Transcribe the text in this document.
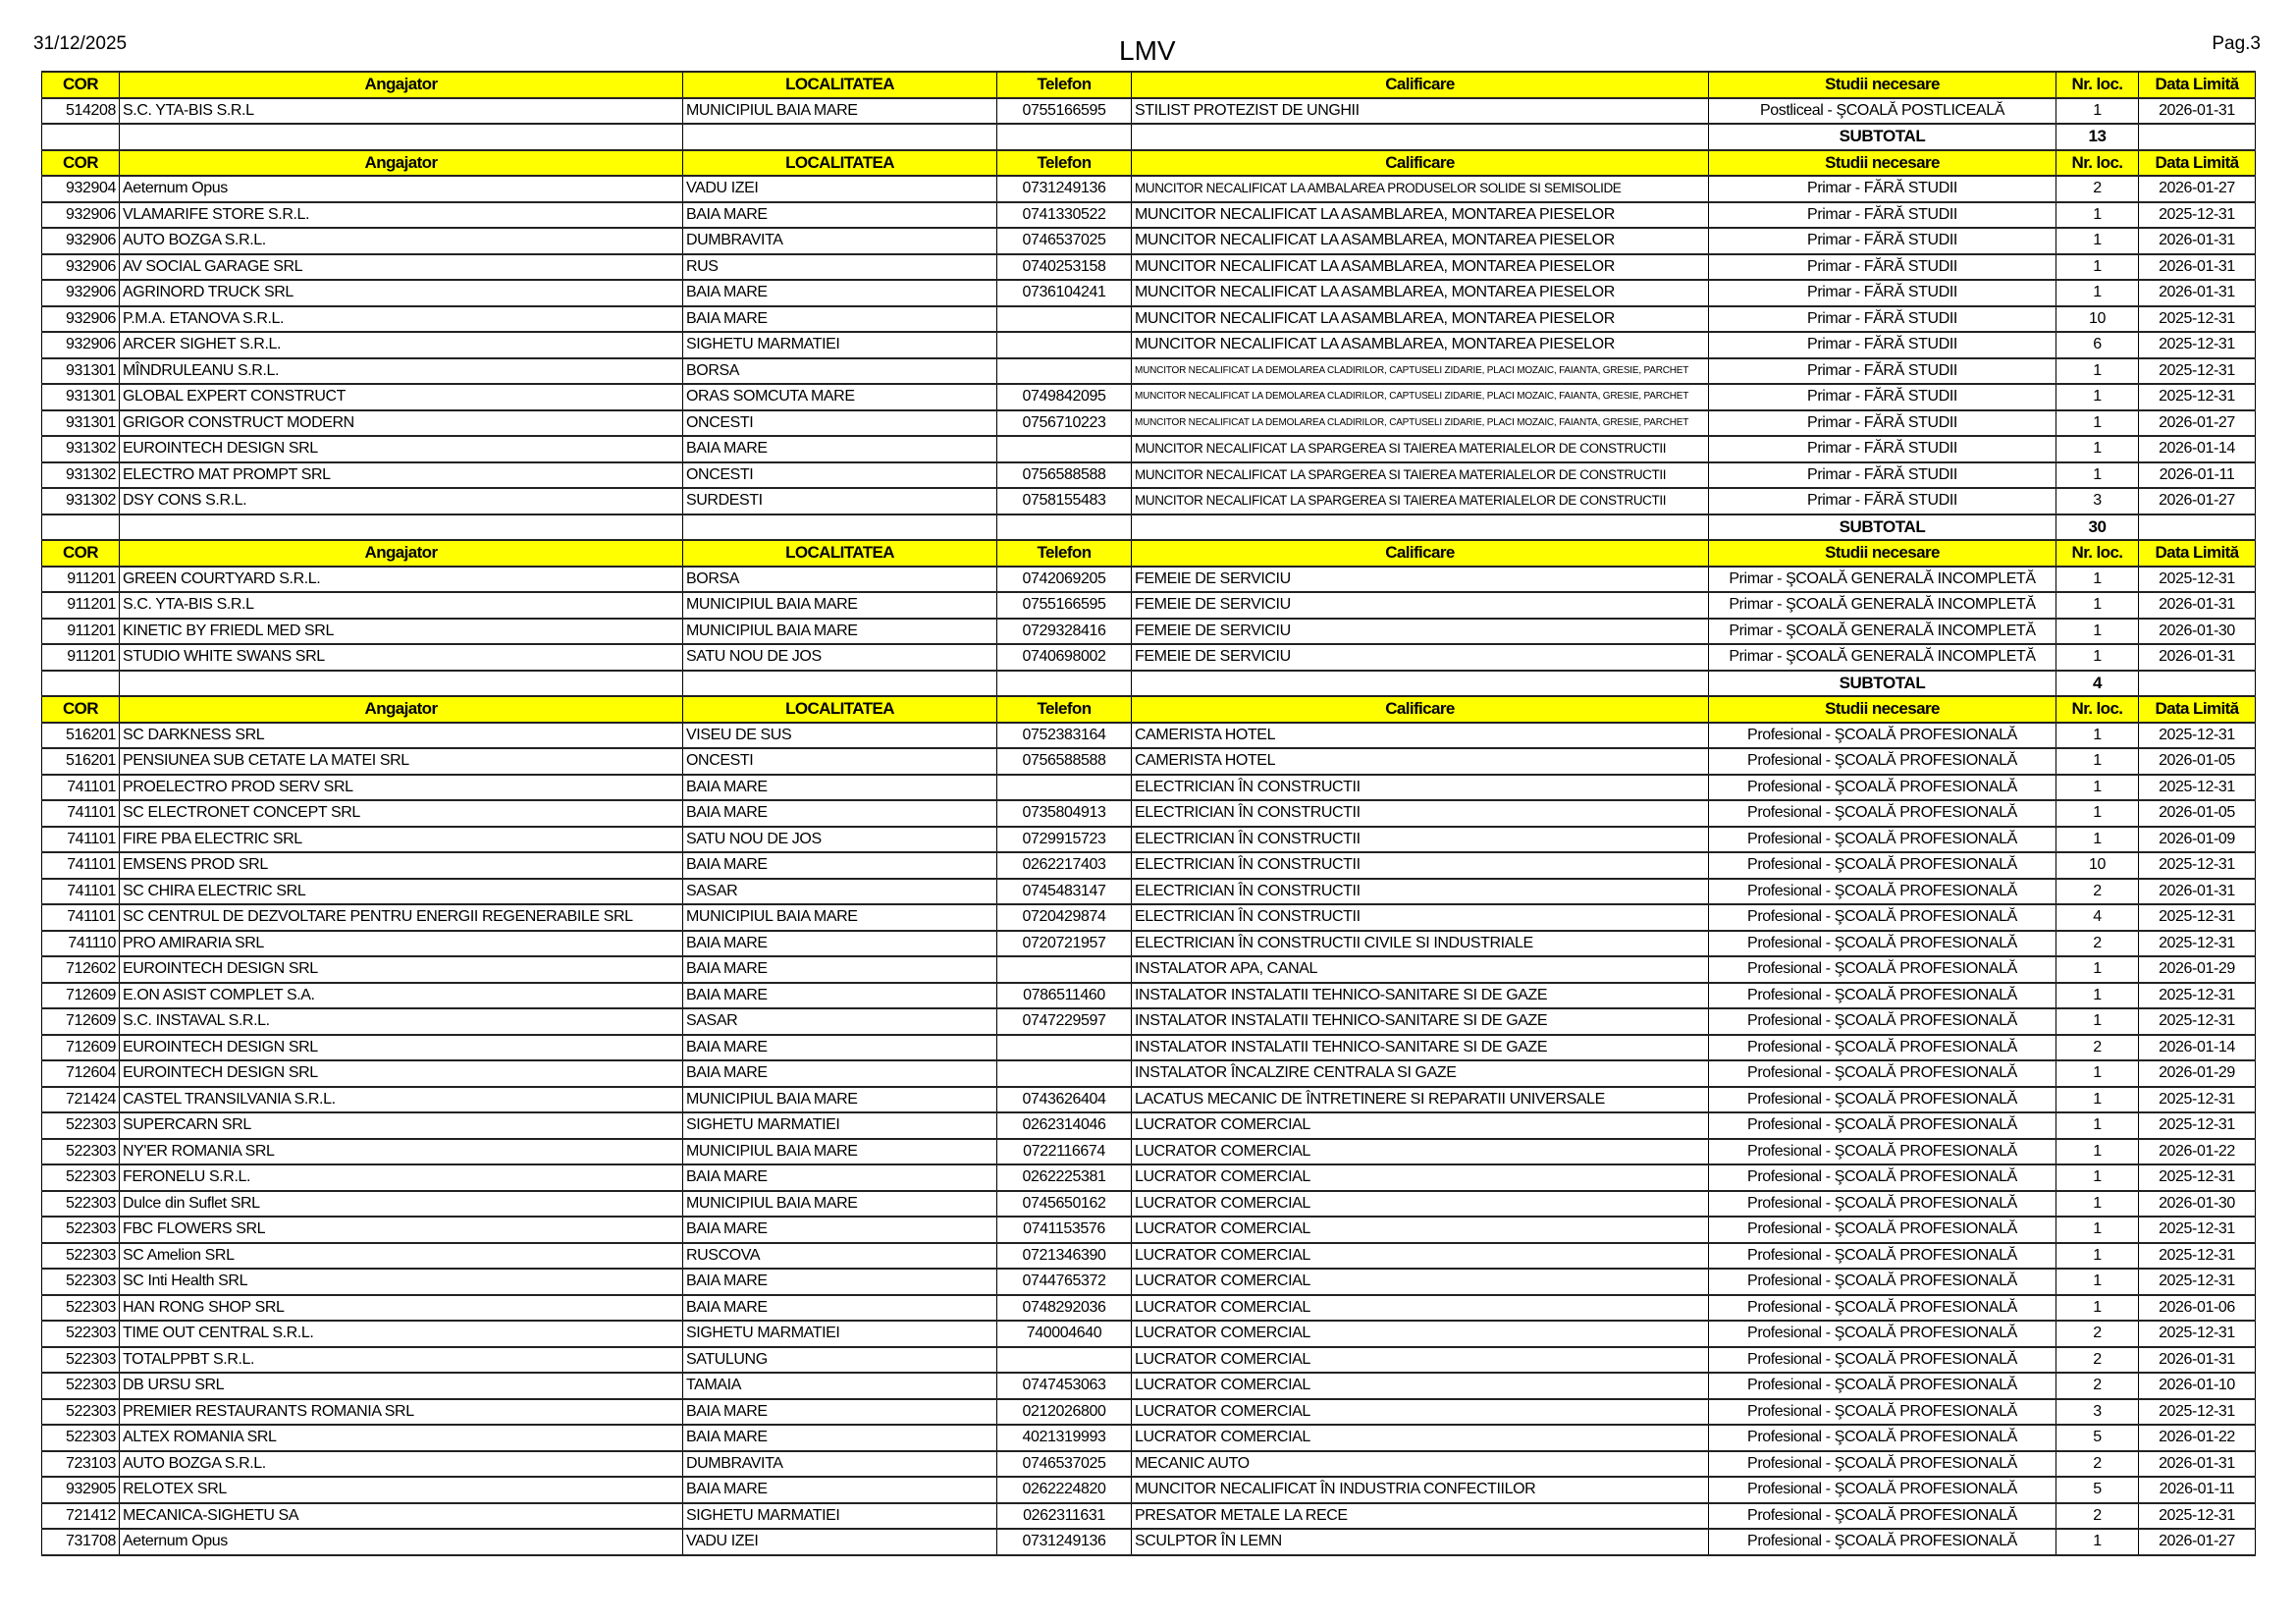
31/12/2025	LMV	Pag.3
COR	Angajator	LOCALITATEA	Telefon	Calificare	Studii necesare	Nr. loc.	Data Limită
514208	S.C. YTA-BIS S.R.L	MUNICIPIUL BAIA MARE	0755166595	STILIST PROTEZIST DE UNGHII	Postliceal - ŞCOALĂ POSTLICEALĂ	1	2026-01-31
					SUBTOTAL	13	
COR	Angajator	LOCALITATEA	Telefon	Calificare	Studii necesare	Nr. loc.	Data Limită
932904	Aeternum Opus	VADU IZEI	0731249136	MUNCITOR NECALIFICAT LA AMBALAREA PRODUSELOR SOLIDE SI SEMISOLIDE	Primar - FĂRĂ STUDII	2	2026-01-27
932906	VLAMARIFE STORE S.R.L.	BAIA MARE	0741330522	MUNCITOR NECALIFICAT LA ASAMBLAREA, MONTAREA PIESELOR	Primar - FĂRĂ STUDII	1	2025-12-31
932906	AUTO BOZGA S.R.L.	DUMBRAVITA	0746537025	MUNCITOR NECALIFICAT LA ASAMBLAREA, MONTAREA PIESELOR	Primar - FĂRĂ STUDII	1	2026-01-31
932906	AV SOCIAL GARAGE SRL	RUS	0740253158	MUNCITOR NECALIFICAT LA ASAMBLAREA, MONTAREA PIESELOR	Primar - FĂRĂ STUDII	1	2026-01-31
932906	AGRINORD TRUCK SRL	BAIA MARE	0736104241	MUNCITOR NECALIFICAT LA ASAMBLAREA, MONTAREA PIESELOR	Primar - FĂRĂ STUDII	1	2026-01-31
932906	P.M.A. ETANOVA S.R.L.	BAIA MARE		MUNCITOR NECALIFICAT LA ASAMBLAREA, MONTAREA PIESELOR	Primar - FĂRĂ STUDII	10	2025-12-31
932906	ARCER SIGHET S.R.L.	SIGHETU MARMATIEI		MUNCITOR NECALIFICAT LA ASAMBLAREA, MONTAREA PIESELOR	Primar - FĂRĂ STUDII	6	2025-12-31
931301	MÎNDRULEANU S.R.L.	BORSA		MUNCITOR NECALIFICAT LA DEMOLAREA CLADIRILOR, CAPTUSELI ZIDARIE, PLACI MOZAIC, FAIANTA, GRESIE, PARCHET	Primar - FĂRĂ STUDII	1	2025-12-31
931301	GLOBAL EXPERT CONSTRUCT	ORAS SOMCUTA MARE	0749842095	MUNCITOR NECALIFICAT LA DEMOLAREA CLADIRILOR, CAPTUSELI ZIDARIE, PLACI MOZAIC, FAIANTA, GRESIE, PARCHET	Primar - FĂRĂ STUDII	1	2025-12-31
931301	GRIGOR CONSTRUCT MODERN	ONCESTI	0756710223	MUNCITOR NECALIFICAT LA DEMOLAREA CLADIRILOR, CAPTUSELI ZIDARIE, PLACI MOZAIC, FAIANTA, GRESIE, PARCHET	Primar - FĂRĂ STUDII	1	2026-01-27
931302	EUROINTECH DESIGN SRL	BAIA MARE		MUNCITOR NECALIFICAT LA SPARGEREA SI TAIEREA MATERIALELOR DE CONSTRUCTII	Primar - FĂRĂ STUDII	1	2026-01-14
931302	ELECTRO MAT PROMPT SRL	ONCESTI	0756588588	MUNCITOR NECALIFICAT LA SPARGEREA SI TAIEREA MATERIALELOR DE CONSTRUCTII	Primar - FĂRĂ STUDII	1	2026-01-11
931302	DSY CONS S.R.L.	SURDESTI	0758155483	MUNCITOR NECALIFICAT LA SPARGEREA SI TAIEREA MATERIALELOR DE CONSTRUCTII	Primar - FĂRĂ STUDII	3	2026-01-27
					SUBTOTAL	30	
COR	Angajator	LOCALITATEA	Telefon	Calificare	Studii necesare	Nr. loc.	Data Limită
911201	GREEN COURTYARD S.R.L.	BORSA	0742069205	FEMEIE DE SERVICIU	Primar - ŞCOALĂ GENERALĂ INCOMPLETĂ	1	2025-12-31
911201	S.C. YTA-BIS S.R.L	MUNICIPIUL BAIA MARE	0755166595	FEMEIE DE SERVICIU	Primar - ŞCOALĂ GENERALĂ INCOMPLETĂ	1	2026-01-31
911201	KINETIC BY FRIEDL MED SRL	MUNICIPIUL BAIA MARE	0729328416	FEMEIE DE SERVICIU	Primar - ŞCOALĂ GENERALĂ INCOMPLETĂ	1	2026-01-30
911201	STUDIO WHITE SWANS SRL	SATU NOU DE JOS	0740698002	FEMEIE DE SERVICIU	Primar - ŞCOALĂ GENERALĂ INCOMPLETĂ	1	2026-01-31
					SUBTOTAL	4	
COR	Angajator	LOCALITATEA	Telefon	Calificare	Studii necesare	Nr. loc.	Data Limită
516201	SC DARKNESS SRL	VISEU DE SUS	0752383164	CAMERISTA HOTEL	Profesional - ŞCOALĂ PROFESIONALĂ	1	2025-12-31
516201	PENSIUNEA SUB CETATE LA MATEI SRL	ONCESTI	0756588588	CAMERISTA HOTEL	Profesional - ŞCOALĂ PROFESIONALĂ	1	2026-01-05
741101	PROELECTRO PROD SERV SRL	BAIA MARE		ELECTRICIAN ÎN CONSTRUCTII	Profesional - ŞCOALĂ PROFESIONALĂ	1	2025-12-31
741101	SC ELECTRONET CONCEPT SRL	BAIA MARE	0735804913	ELECTRICIAN ÎN CONSTRUCTII	Profesional - ŞCOALĂ PROFESIONALĂ	1	2026-01-05
741101	FIRE PBA ELECTRIC SRL	SATU NOU DE JOS	0729915723	ELECTRICIAN ÎN CONSTRUCTII	Profesional - ŞCOALĂ PROFESIONALĂ	1	2026-01-09
741101	EMSENS PROD SRL	BAIA MARE	0262217403	ELECTRICIAN ÎN CONSTRUCTII	Profesional - ŞCOALĂ PROFESIONALĂ	10	2025-12-31
741101	SC CHIRA ELECTRIC SRL	SASAR	0745483147	ELECTRICIAN ÎN CONSTRUCTII	Profesional - ŞCOALĂ PROFESIONALĂ	2	2026-01-31
741101	SC CENTRUL DE DEZVOLTARE PENTRU ENERGII REGENERABILE SRL	MUNICIPIUL BAIA MARE	0720429874	ELECTRICIAN ÎN CONSTRUCTII	Profesional - ŞCOALĂ PROFESIONALĂ	4	2025-12-31
741110	PRO AMIRARIA SRL	BAIA MARE	0720721957	ELECTRICIAN ÎN CONSTRUCTII CIVILE SI INDUSTRIALE	Profesional - ŞCOALĂ PROFESIONALĂ	2	2025-12-31
712602	EUROINTECH DESIGN SRL	BAIA MARE		INSTALATOR APA, CANAL	Profesional - ŞCOALĂ PROFESIONALĂ	1	2026-01-29
712609	E.ON ASIST COMPLET S.A.	BAIA MARE	0786511460	INSTALATOR INSTALATII TEHNICO-SANITARE SI DE GAZE	Profesional - ŞCOALĂ PROFESIONALĂ	1	2025-12-31
712609	S.C. INSTAVAL S.R.L.	SASAR	0747229597	INSTALATOR INSTALATII TEHNICO-SANITARE SI DE GAZE	Profesional - ŞCOALĂ PROFESIONALĂ	1	2025-12-31
712609	EUROINTECH DESIGN SRL	BAIA MARE		INSTALATOR INSTALATII TEHNICO-SANITARE SI DE GAZE	Profesional - ŞCOALĂ PROFESIONALĂ	2	2026-01-14
712604	EUROINTECH DESIGN SRL	BAIA MARE		INSTALATOR ÎNCALZIRE CENTRALA SI GAZE	Profesional - ŞCOALĂ PROFESIONALĂ	1	2026-01-29
721424	CASTEL TRANSILVANIA S.R.L.	MUNICIPIUL BAIA MARE	0743626404	LACATUS MECANIC DE ÎNTRETINERE SI REPARATII UNIVERSALE	Profesional - ŞCOALĂ PROFESIONALĂ	1	2025-12-31
522303	SUPERCARN SRL	SIGHETU MARMATIEI	0262314046	LUCRATOR COMERCIAL	Profesional - ŞCOALĂ PROFESIONALĂ	1	2025-12-31
522303	NY'ER ROMANIA SRL	MUNICIPIUL BAIA MARE	0722116674	LUCRATOR COMERCIAL	Profesional - ŞCOALĂ PROFESIONALĂ	1	2026-01-22
522303	FERONELU S.R.L.	BAIA MARE	0262225381	LUCRATOR COMERCIAL	Profesional - ŞCOALĂ PROFESIONALĂ	1	2025-12-31
522303	Dulce din Suflet SRL	MUNICIPIUL BAIA MARE	0745650162	LUCRATOR COMERCIAL	Profesional - ŞCOALĂ PROFESIONALĂ	1	2026-01-30
522303	FBC FLOWERS SRL	BAIA MARE	0741153576	LUCRATOR COMERCIAL	Profesional - ŞCOALĂ PROFESIONALĂ	1	2025-12-31
522303	SC Amelion SRL	RUSCOVA	0721346390	LUCRATOR COMERCIAL	Profesional - ŞCOALĂ PROFESIONALĂ	1	2025-12-31
522303	SC Inti Health SRL	BAIA MARE	0744765372	LUCRATOR COMERCIAL	Profesional - ŞCOALĂ PROFESIONALĂ	1	2025-12-31
522303	HAN RONG SHOP SRL	BAIA MARE	0748292036	LUCRATOR COMERCIAL	Profesional - ŞCOALĂ PROFESIONALĂ	1	2026-01-06
522303	TIME OUT CENTRAL S.R.L.	SIGHETU MARMATIEI	740004640	LUCRATOR COMERCIAL	Profesional - ŞCOALĂ PROFESIONALĂ	2	2025-12-31
522303	TOTALPPBT S.R.L.	SATULUNG		LUCRATOR COMERCIAL	Profesional - ŞCOALĂ PROFESIONALĂ	2	2026-01-31
522303	DB URSU SRL	TAMAIA	0747453063	LUCRATOR COMERCIAL	Profesional - ŞCOALĂ PROFESIONALĂ	2	2026-01-10
522303	PREMIER RESTAURANTS ROMANIA SRL	BAIA MARE	0212026800	LUCRATOR COMERCIAL	Profesional - ŞCOALĂ PROFESIONALĂ	3	2025-12-31
522303	ALTEX ROMANIA SRL	BAIA MARE	4021319993	LUCRATOR COMERCIAL	Profesional - ŞCOALĂ PROFESIONALĂ	5	2026-01-22
723103	AUTO BOZGA S.R.L.	DUMBRAVITA	0746537025	MECANIC AUTO	Profesional - ŞCOALĂ PROFESIONALĂ	2	2026-01-31
932905	RELOTEX SRL	BAIA MARE	0262224820	MUNCITOR NECALIFICAT ÎN INDUSTRIA CONFECTIILOR	Profesional - ŞCOALĂ PROFESIONALĂ	5	2026-01-11
721412	MECANICA-SIGHETU SA	SIGHETU MARMATIEI	0262311631	PRESATOR METALE LA RECE	Profesional - ŞCOALĂ PROFESIONALĂ	2	2025-12-31
731708	Aeternum Opus	VADU IZEI	0731249136	SCULPTOR ÎN LEMN	Profesional - ŞCOALĂ PROFESIONALĂ	1	2026-01-27
